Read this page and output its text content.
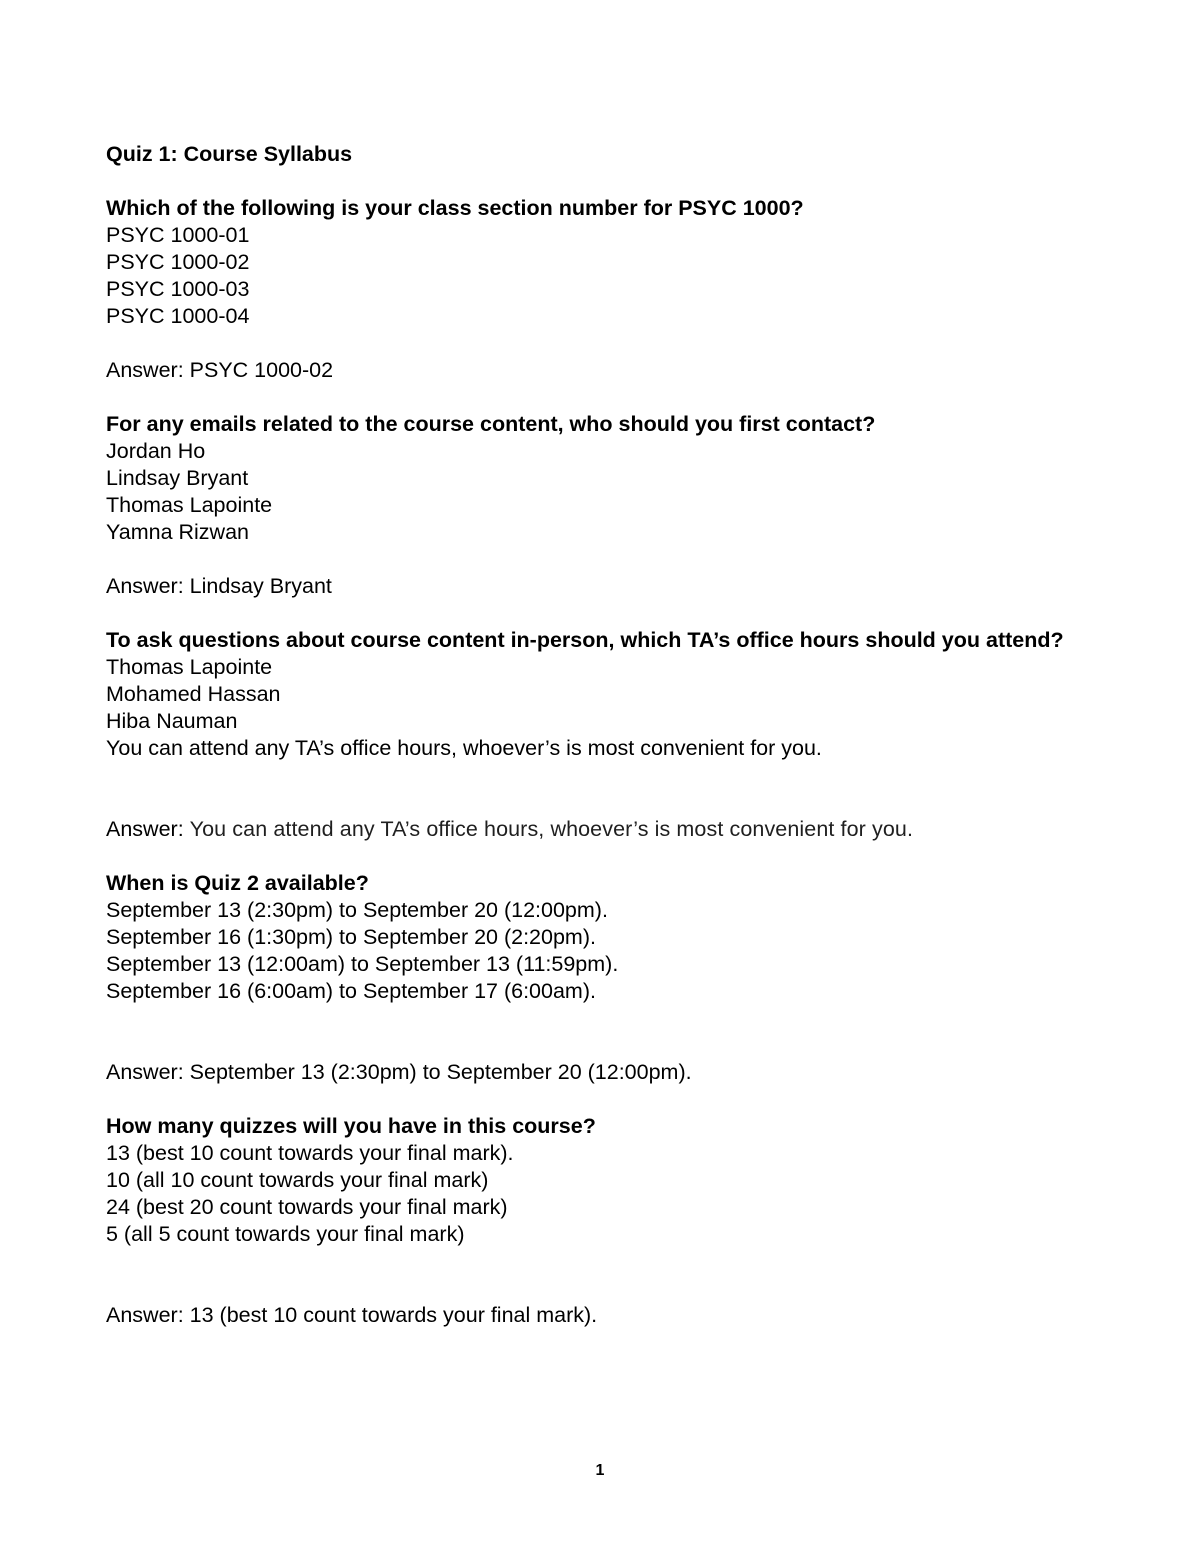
Quiz 1: Course Syllabus
Which of the following is your class section number for PSYC 1000?
PSYC 1000-01
PSYC 1000-02
PSYC 1000-03
PSYC 1000-04
Answer: PSYC 1000-02
For any emails related to the course content, who should you first contact?
Jordan Ho
Lindsay Bryant
Thomas Lapointe
Yamna Rizwan
Answer: Lindsay Bryant
To ask questions about course content in-person, which TA’s office hours should you attend?
Thomas Lapointe
Mohamed Hassan
Hiba Nauman
You can attend any TA’s office hours, whoever’s is most convenient for you.
Answer: You can attend any TA’s office hours, whoever’s is most convenient for you.
When is Quiz 2 available?
September 13 (2:30pm) to September 20 (12:00pm).
September 16 (1:30pm) to September 20 (2:20pm).
September 13 (12:00am) to September 13 (11:59pm).
September 16 (6:00am) to September 17 (6:00am).
Answer: September 13 (2:30pm) to September 20 (12:00pm).
How many quizzes will you have in this course?
13 (best 10 count towards your final mark).
10 (all 10 count towards your final mark)
24 (best 20 count towards your final mark)
5 (all 5 count towards your final mark)
Answer: 13 (best 10 count towards your final mark).
1
